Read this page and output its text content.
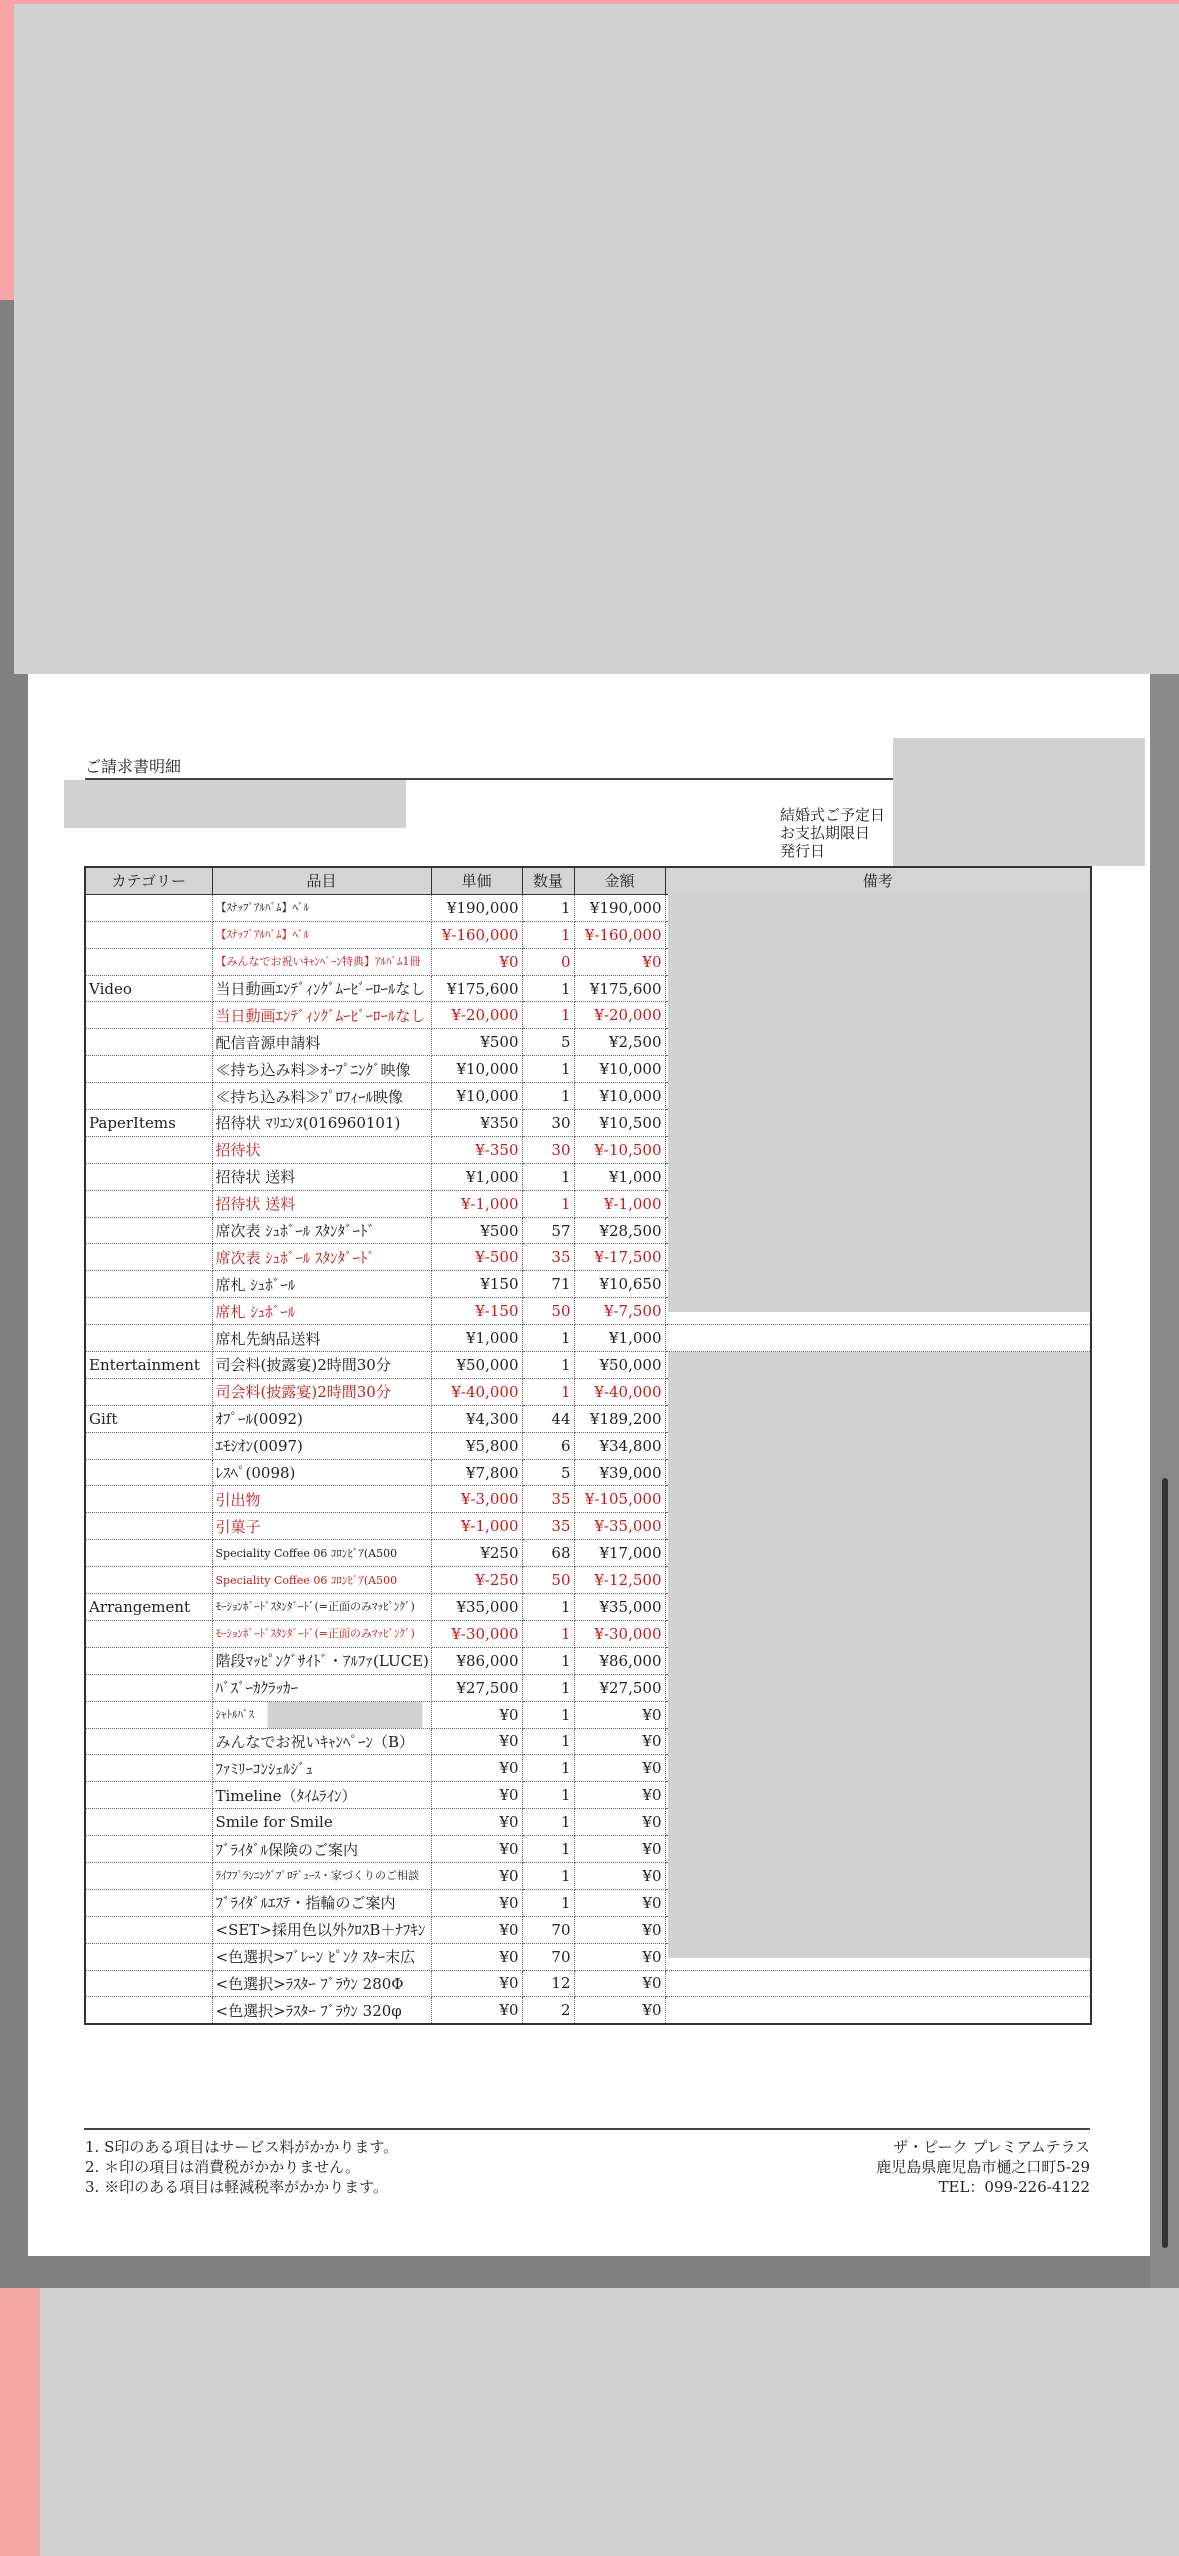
ご請求書明細
結婚式ご予定日
お支払期限日
発行日
カテゴリー	品目	単価	数量	金額	備考
	【ｽﾅｯﾌﾟｱﾙﾊﾞﾑ】ﾍﾞﾙ	¥190,000	1	¥190,000	
	【ｽﾅｯﾌﾟｱﾙﾊﾞﾑ】ﾍﾞﾙ	¥-160,000	1	¥-160,000	
	【みんなでお祝いｷｬﾝﾍﾟｰﾝ特典】ｱﾙﾊﾞﾑ1冊	¥0	0	¥0	
Video	当日動画ｴﾝﾃﾞｨﾝｸﾞﾑｰﾋﾞｰﾛｰﾙなし	¥175,600	1	¥175,600	
	当日動画ｴﾝﾃﾞｨﾝｸﾞﾑｰﾋﾞｰﾛｰﾙなし	¥-20,000	1	¥-20,000	
	配信音源申請料	¥500	5	¥2,500	
	≪持ち込み料≫ｵｰﾌﾟﾆﾝｸﾞ映像	¥10,000	1	¥10,000	
	≪持ち込み料≫ﾌﾟﾛﾌｨｰﾙ映像	¥10,000	1	¥10,000	
PaperItems	招待状 ﾏﾘｴﾝﾇ(016960101)	¥350	30	¥10,500	
	招待状	¥-350	30	¥-10,500	
	招待状 送料	¥1,000	1	¥1,000	
	招待状 送料	¥-1,000	1	¥-1,000	
	席次表 ｼｭﾎﾞｰﾙ ｽﾀﾝﾀﾞｰﾄﾞ	¥500	57	¥28,500	
	席次表 ｼｭﾎﾞｰﾙ ｽﾀﾝﾀﾞｰﾄﾞ	¥-500	35	¥-17,500	
	席札 ｼｭﾎﾞｰﾙ	¥150	71	¥10,650	
	席札 ｼｭﾎﾞｰﾙ	¥-150	50	¥-7,500	
	席札先納品送料	¥1,000	1	¥1,000	
Entertainment	司会料(披露宴)2時間30分	¥50,000	1	¥50,000	
	司会料(披露宴)2時間30分	¥-40,000	1	¥-40,000	
Gift	ｵﾌﾟｰﾙ(0092)	¥4,300	44	¥189,200	
	ｴﾓｼｵﾝ(0097)	¥5,800	6	¥34,800	
	ﾚｽﾍﾟ(0098)	¥7,800	5	¥39,000	
	引出物	¥-3,000	35	¥-105,000	
	引菓子	¥-1,000	35	¥-35,000	
	Speciality Coffee 06 ｺﾛﾝﾋﾞｱ(A500	¥250	68	¥17,000	
	Speciality Coffee 06 ｺﾛﾝﾋﾞｱ(A500	¥-250	50	¥-12,500	
Arrangement	ﾓｰｼｮﾝﾎﾞｰﾄﾞｽﾀﾝﾀﾞｰﾄﾞ(=正面のみﾏｯﾋﾟﾝｸﾞ)	¥35,000	1	¥35,000	
	ﾓｰｼｮﾝﾎﾞｰﾄﾞｽﾀﾝﾀﾞｰﾄﾞ(=正面のみﾏｯﾋﾟﾝｸﾞ)	¥-30,000	1	¥-30,000	
	階段ﾏｯﾋﾟﾝｸﾞｻｲﾄﾞ・ｱﾙﾌｧ(LUCE)	¥86,000	1	¥86,000	
	ﾊﾞｽﾞｰｶｸﾗｯｶｰ	¥27,500	1	¥27,500	
	ｼｬﾄﾙﾊﾞｽ	¥0	1	¥0	
	みんなでお祝いｷｬﾝﾍﾟｰﾝ（B）	¥0	1	¥0	
	ﾌｧﾐﾘｰｺﾝｼｪﾙｼﾞｭ	¥0	1	¥0	
	Timeline（ﾀｲﾑﾗｲﾝ）	¥0	1	¥0	
	Smile for Smile	¥0	1	¥0	
	ﾌﾞﾗｲﾀﾞﾙ保険のご案内	¥0	1	¥0	
	ﾗｲﾌﾌﾟﾗﾝﾆﾝｸﾞﾌﾟﾛﾃﾞｭｰｽ・家づくりのご相談	¥0	1	¥0	
	ﾌﾞﾗｲﾀﾞﾙｴｽﾃ・指輪のご案内	¥0	1	¥0	
	<SET>採用色以外ｸﾛｽB＋ﾅﾌｷﾝ	¥0	70	¥0	
	<色選択>ﾌﾞﾚｰﾝ ﾋﾟﾝｸ ｽﾀｰ末広	¥0	70	¥0	
	<色選択>ﾗｽﾀｰ ﾌﾞﾗｳﾝ 280Φ	¥0	12	¥0	
	<色選択>ﾗｽﾀｰ ﾌﾞﾗｳﾝ 320φ	¥0	2	¥0	
1. S印のある項目はサービス料がかかります。
2. ＊印の項目は消費税がかかりません。
3. ※印のある項目は軽減税率がかかります。
ザ・ピーク プレミアムテラス
鹿児島県鹿児島市樋之口町5-29
TEL：099-226-4122
